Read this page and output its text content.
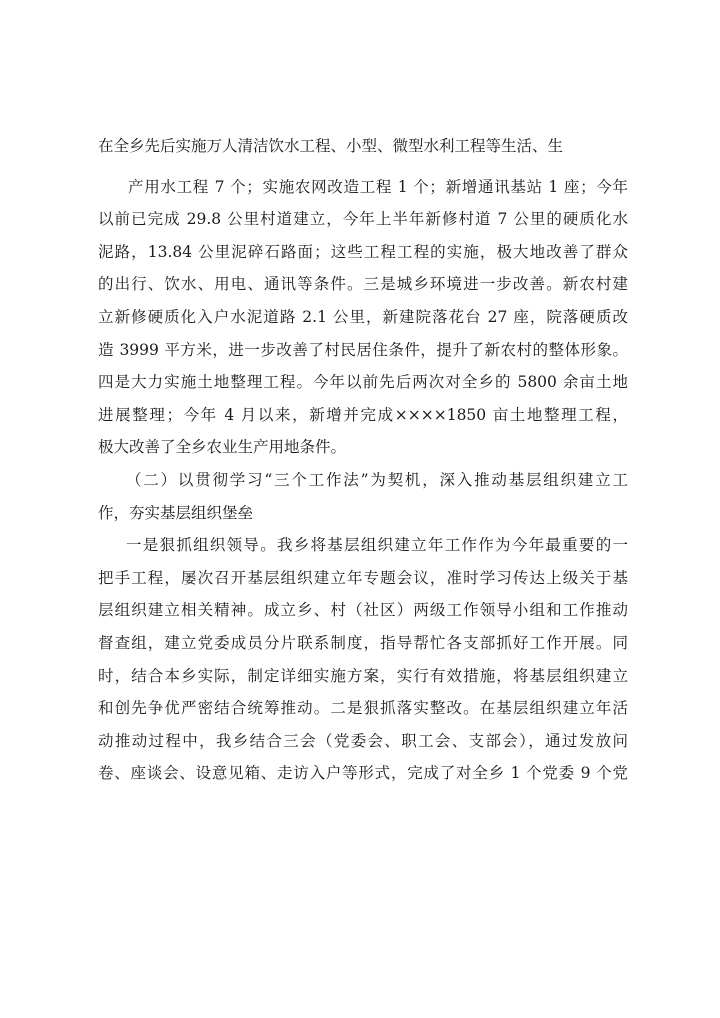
在全乡先后实施万人清洁饮水工程、小型、微型水利工程等生活、生
产用水工程 7 个；实施农网改造工程 1 个；新增通讯基站 1 座；今年
以前已完成 29.8 公里村道建立，今年上半年新修村道 7 公里的硬质化水
泥路，13.84 公里泥碎石路面；这些工程工程的实施，极大地改善了群众
的出行、饮水、用电、通讯等条件。三是城乡环境进一步改善。新农村建
立新修硬质化入户水泥道路 2.1 公里，新建院落花台 27 座，院落硬质改
造 3999 平方米，进一步改善了村民居住条件，提升了新农村的整体形象。
四是大力实施土地整理工程。今年以前先后两次对全乡的 5800 余亩土地
进展整理；今年 4 月以来，新增并完成××××1850 亩土地整理工程，
极大改善了全乡农业生产用地条件。
（二）以贯彻学习“三个工作法”为契机，深入推动基层组织建立工
作，夯实基层组织堡垒
一是狠抓组织领导。我乡将基层组织建立年工作作为今年最重要的一
把手工程，屡次召开基层组织建立年专题会议，准时学习传达上级关于基
层组织建立相关精神。成立乡、村（社区）两级工作领导小组和工作推动
督查组，建立党委成员分片联系制度，指导帮忙各支部抓好工作开展。同
时，结合本乡实际，制定详细实施方案，实行有效措施，将基层组织建立
和创先争优严密结合统筹推动。二是狠抓落实整改。在基层组织建立年活
动推动过程中，我乡结合三会（党委会、职工会、支部会），通过发放问
卷、座谈会、设意见箱、走访入户等形式，完成了对全乡 1 个党委 9 个党
